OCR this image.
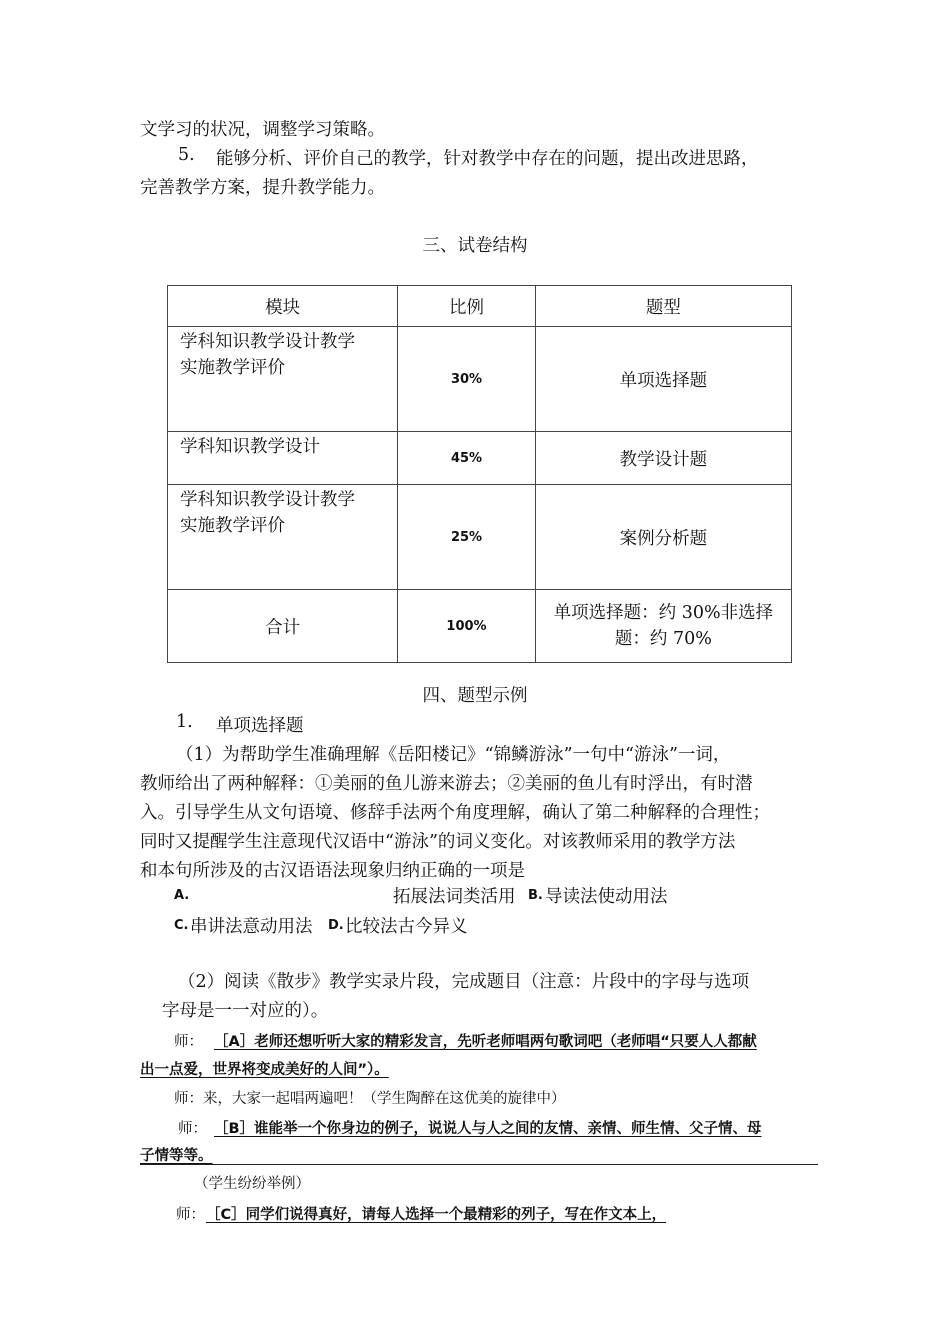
文学习的状况，调整学习策略。
5. 能够分析、评价自己的教学，针对教学中存在的问题，提出改进思路，
完善教学方案，提升教学能力。
三、试卷结构
模块	比例	题型

学科知识教学设计教学
实施教学评价	30%	单项选择题

学科知识教学设计	45%	教学设计题

学科知识教学设计教学
实施教学评价	25%	案例分析题
合计	100%	单项选择题：约 30%非选择
题：约 70%
四、题型示例
1. 单项选择题
（1）为帮助学生准确理解《岳阳楼记》“锦鳞游泳”一句中“游泳”一词，
教师给出了两种解释：①美丽的鱼儿游来游去；②美丽的鱼儿有时浮出，有时潜
入。引导学生从文句语境、修辞手法两个角度理解，确认了第二种解释的合理性；
同时又提醒学生注意现代汉语中“游泳”的词义变化。对该教师采用的教学方法
和本句所涉及的古汉语语法现象归纳正确的一项是
A.	拓展法词类活用 B. 导读法使动用法
C. 串讲法意动用法 D. 比较法古今异义
（2）阅读《散步》教学实录片段，完成题目（注意：片段中的字母与选项
字母是一一对应的）。
师： ［A］老师还想听听大家的精彩发言，先听老师唱两句歌词吧（老师唱“只要人人都献
出一点爱，世界将变成美好的人间”）。
师：来，大家一起唱两遍吧！（学生陶醉在这优美的旋律中）
师： ［B］谁能举一个你身边的例子，说说人与人之间的友情、亲情、师生情、父子情、母
子情等等。
（学生纷纷举例）
师： ［C］同学们说得真好，请每人选择一个最精彩的列子，写在作文本上，
